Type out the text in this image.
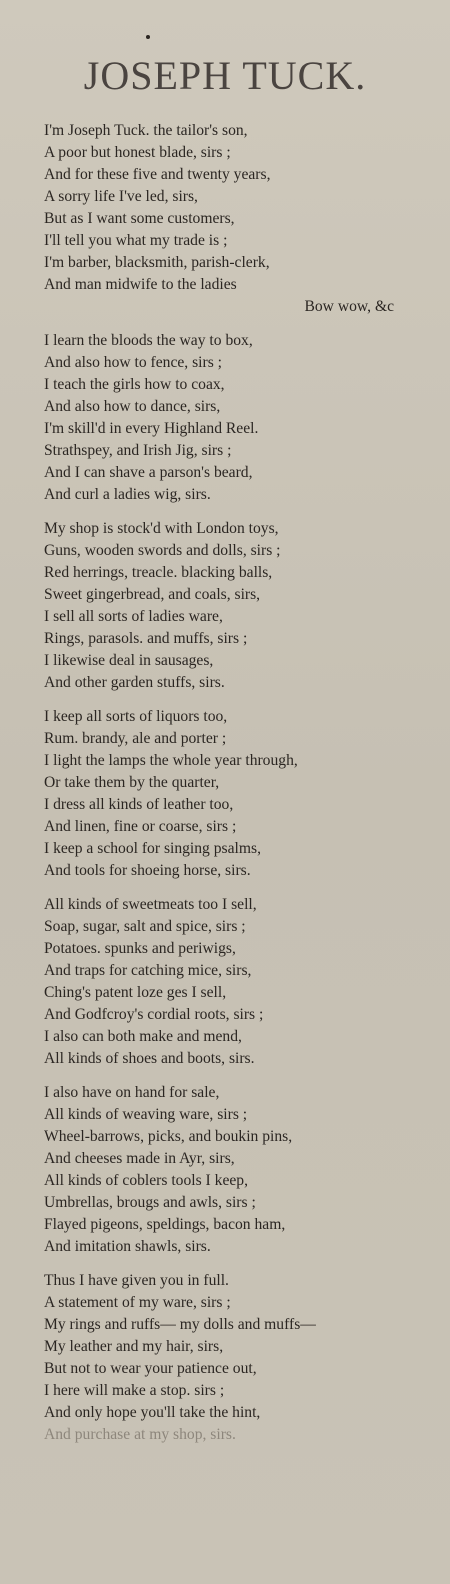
JOSEPH TUCK.
I'm Joseph Tuck. the tailor's son,
A poor but honest blade, sirs ;
And for these five and twenty years,
A sorry life I've led, sirs,
But as I want some customers,
I'll tell you what my trade is ;
I'm barber, blacksmith, parish-clerk,
And man midwife to the ladies
Bow wow, &c
I learn the bloods the way to box,
And also how to fence, sirs ;
I teach the girls how to coax,
And also how to dance, sirs,
I'm skill'd in every Highland Reel.
Strathspey, and Irish Jig, sirs ;
And I can shave a parson's beard,
And curl a ladies wig, sirs.
My shop is stock'd with London toys,
Guns, wooden swords and dolls, sirs ;
Red herrings, treacle. blacking balls,
Sweet gingerbread, and coals, sirs,
I sell all sorts of ladies ware,
Rings, parasols. and muffs, sirs ;
I likewise deal in sausages,
And other garden stuffs, sirs.
I keep all sorts of liquors too,
Rum. brandy, ale and porter ;
I light the lamps the whole year through,
Or take them by the quarter,
I dress all kinds of leather too,
And linen, fine or coarse, sirs ;
I keep a school for singing psalms,
And tools for shoeing horse, sirs.
All kinds of sweetmeats too I sell,
Soap, sugar, salt and spice, sirs ;
Potatoes. spunks and periwigs,
And traps for catching mice, sirs,
Ching's patent loze ges I sell,
And Godfcroy's cordial roots, sirs ;
I also can both make and mend,
All kinds of shoes and boots, sirs.
I also have on hand for sale,
All kinds of weaving ware, sirs ;
Wheel-barrows, picks, and boukin pins,
And cheeses made in Ayr, sirs,
All kinds of coblers tools I keep,
Umbrellas, brougs and awls, sirs ;
Flayed pigeons, speldings, bacon ham,
And imitation shawls, sirs.
Thus I have given you in full.
A statement of my ware, sirs ;
My rings and ruffs— my dolls and muffs—
My leather and my hair, sirs,
But not to wear your patience out,
I here will make a stop. sirs ;
And only hope you'll take the hint,
And purchase at my shop, sirs.
